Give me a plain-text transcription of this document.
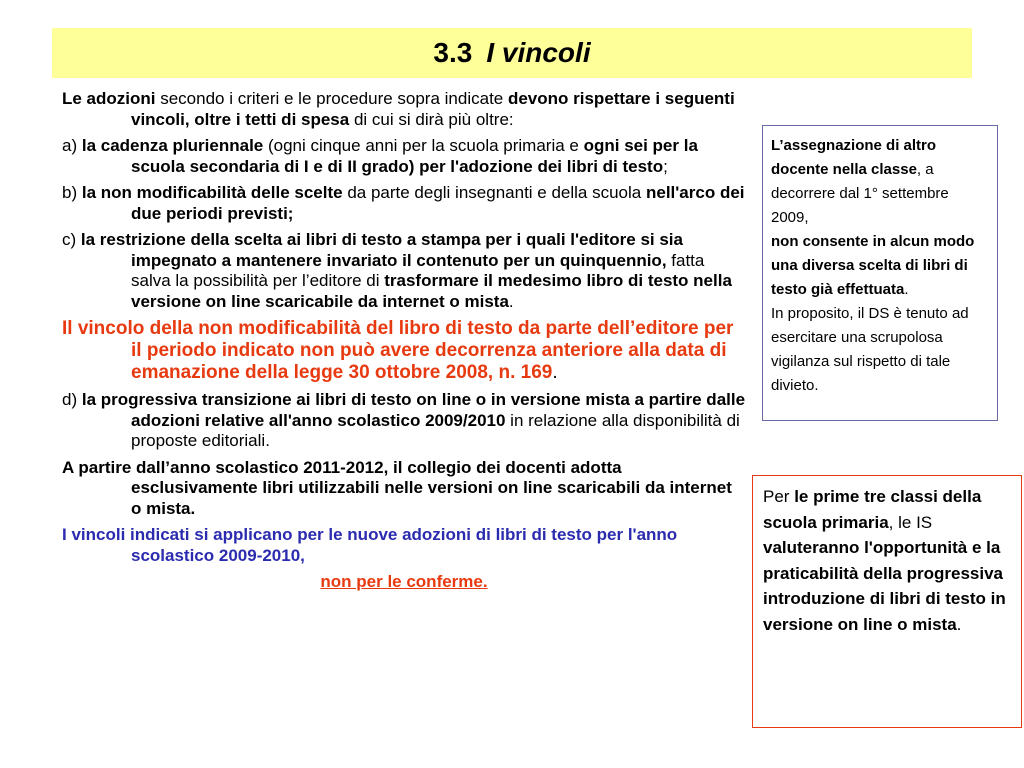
3.3 I vincoli

Le adozioni secondo i criteri e le procedure sopra indicate devono rispettare i seguenti vincoli, oltre i tetti di spesa di cui si dirà più oltre:

a) la cadenza pluriennale (ogni cinque anni per la scuola primaria e ogni sei per la scuola secondaria di I e di II grado) per l'adozione dei libri di testo;

b) la non modificabilità delle scelte da parte degli insegnanti e della scuola nell'arco dei due periodi previsti;

c) la restrizione della scelta ai libri di testo a stampa per i quali l'editore si sia impegnato a mantenere invariato il contenuto per un quinquennio, fatta salva la possibilità per l’editore di trasformare il medesimo libro di testo nella versione on line scaricabile da internet o mista.

Il vincolo della non modificabilità del libro di testo da parte dell’editore per il periodo indicato non può avere decorrenza anteriore alla data di emanazione della legge 30 ottobre 2008, n. 169.

d) la progressiva transizione ai libri di testo on line o in versione mista a partire dalle adozioni relative all'anno scolastico 2009/2010 in relazione alla disponibilità di proposte editoriali.

A partire dall’anno scolastico 2011-2012, il collegio dei docenti adotta esclusivamente libri utilizzabili nelle versioni on line scaricabili da internet o mista.

I vincoli indicati si applicano per le nuove adozioni di libri di testo per l'anno scolastico 2009-2010,

non per le conferme.

L’assegnazione di altro docente nella classe, a decorrere dal 1° settembre 2009,
non consente in alcun modo una diversa scelta di libri di testo già effettuata.
In proposito, il DS è tenuto ad esercitare una scrupolosa vigilanza sul rispetto di tale divieto.
Per le prime tre classi della scuola primaria, le IS valuteranno l'opportunità e la praticabilità della progressiva introduzione di libri di testo in versione on line o mista.
